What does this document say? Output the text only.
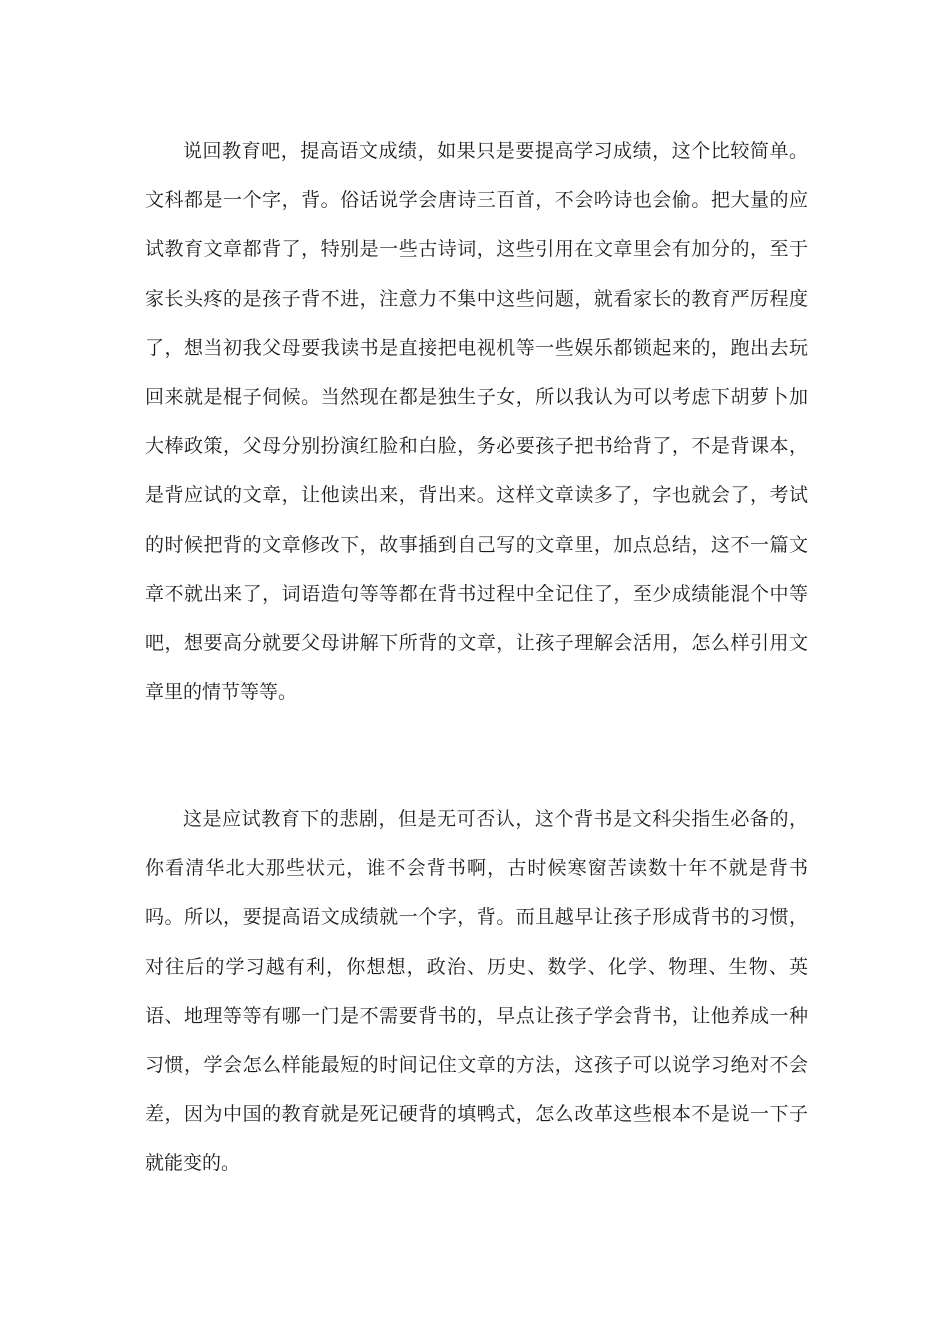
说回教育吧，提高语文成绩，如果只是要提高学习成绩，这个比较简单。文科都是一个字，背。俗话说学会唐诗三百首，不会吟诗也会偷。把大量的应试教育文章都背了，特别是一些古诗词，这些引用在文章里会有加分的，至于家长头疼的是孩子背不进，注意力不集中这些问题，就看家长的教育严厉程度了，想当初我父母要我读书是直接把电视机等一些娱乐都锁起来的，跑出去玩回来就是棍子伺候。当然现在都是独生子女，所以我认为可以考虑下胡萝卜加大棒政策，父母分别扮演红脸和白脸，务必要孩子把书给背了，不是背课本，是背应试的文章，让他读出来，背出来。这样文章读多了，字也就会了，考试的时候把背的文章修改下，故事插到自己写的文章里，加点总结，这不一篇文章不就出来了，词语造句等等都在背书过程中全记住了，至少成绩能混个中等吧，想要高分就要父母讲解下所背的文章，让孩子理解会活用，怎么样引用文章里的情节等等。

这是应试教育下的悲剧，但是无可否认，这个背书是文科尖指生必备的，你看清华北大那些状元，谁不会背书啊，古时候寒窗苦读数十年不就是背书吗。所以，要提高语文成绩就一个字，背。而且越早让孩子形成背书的习惯，对往后的学习越有利，你想想，政治、历史、数学、化学、物理、生物、英语、地理等等有哪一门是不需要背书的，早点让孩子学会背书，让他养成一种习惯，学会怎么样能最短的时间记住文章的方法，这孩子可以说学习绝对不会差，因为中国的教育就是死记硬背的填鸭式，怎么改革这些根本不是说一下子就能变的。
